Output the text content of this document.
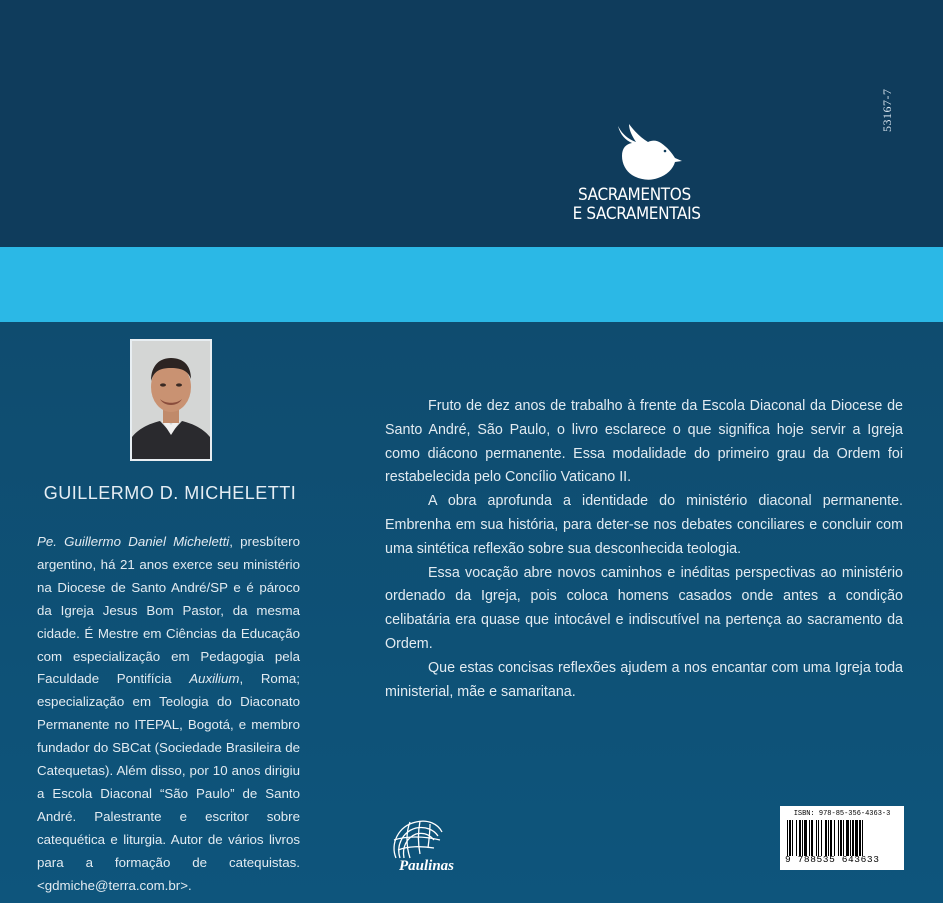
53167-7
SACRAMENTOS
E SACRAMENTAIS
GUILLERMO D. MICHELETTI
Pe. Guillermo Daniel Micheletti, presbítero argentino, há 21 anos exerce seu ministério na Diocese de Santo André/SP e é pároco da Igreja Jesus Bom Pastor, da mesma cidade. É Mestre em Ciências da Educação com especialização em Pedagogia pela Faculdade Pontifícia Auxilium, Roma; especialização em Teologia do Diaconato Permanente no ITEPAL, Bogotá, e membro fundador do SBCat (Sociedade Brasileira de Catequetas). Além disso, por 10 anos dirigiu a Escola Diaconal “São Paulo” de Santo André. Palestrante e escritor sobre catequética e liturgia. Autor de vários livros para a formação de catequistas. <gdmiche@terra.com.br>.

Fruto de dez anos de trabalho à frente da Escola Diaconal da Diocese de Santo André, São Paulo, o livro esclarece o que significa hoje servir a Igreja como diácono permanente. Essa modalidade do primeiro grau da Ordem foi restabelecida pelo Concílio Vaticano II.

A obra aprofunda a identidade do ministério diaconal permanente. Embrenha em sua história, para deter-se nos debates conciliares e concluir com uma sintética reflexão sobre sua desconhecida teologia.

Essa vocação abre novos caminhos e inéditas perspectivas ao ministério ordenado da Igreja, pois coloca homens casados onde antes a condição celibatária era quase que intocável e indiscutível na pertença ao sacramento da Ordem.

Que estas concisas reflexões ajudem a nos encantar com uma Igreja toda ministerial, mãe e samaritana.

Paulinas
ISBN: 978-85-356-4363-3
9 788535 643633
